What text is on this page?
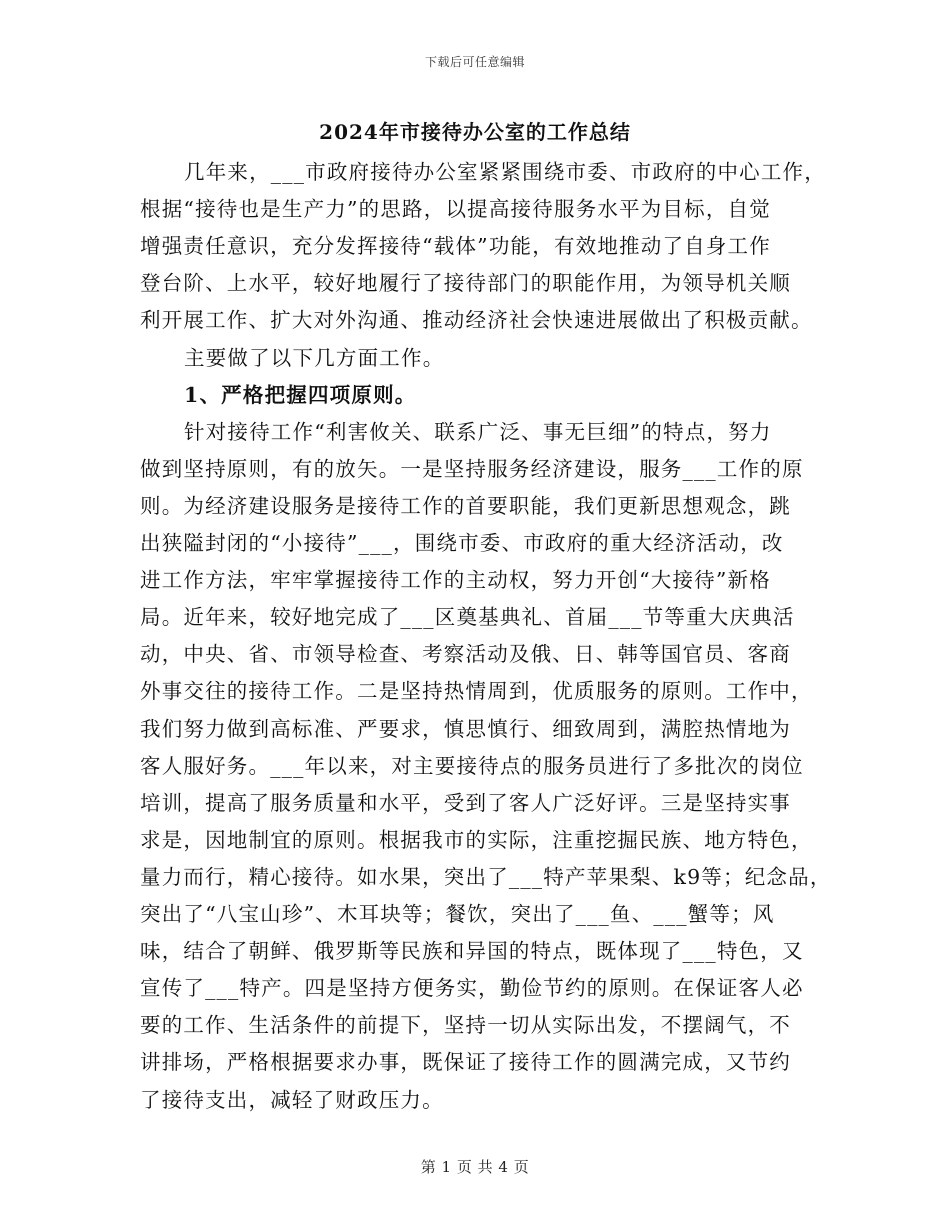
下载后可任意编辑
2024年市接待办公室的工作总结
几年来，___市政府接待办公室紧紧围绕市委、市政府的中心工作，
根据“接待也是生产力”的思路，以提高接待服务水平为目标，自觉
增强责任意识，充分发挥接待“载体”功能，有效地推动了自身工作
登台阶、上水平，较好地履行了接待部门的职能作用，为领导机关顺
利开展工作、扩大对外沟通、推动经济社会快速进展做出了积极贡献。
主要做了以下几方面工作。
1、严格把握四项原则。
针对接待工作“利害攸关、联系广泛、事无巨细”的特点，努力
做到坚持原则，有的放矢。一是坚持服务经济建设，服务___工作的原
则。为经济建设服务是接待工作的首要职能，我们更新思想观念，跳
出狭隘封闭的“小接待”___，围绕市委、市政府的重大经济活动，改
进工作方法，牢牢掌握接待工作的主动权，努力开创“大接待”新格
局。近年来，较好地完成了___区奠基典礼、首届___节等重大庆典活
动，中央、省、市领导检查、考察活动及俄、日、韩等国官员、客商
外事交往的接待工作。二是坚持热情周到，优质服务的原则。工作中，
我们努力做到高标准、严要求，慎思慎行、细致周到，满腔热情地为
客人服好务。___年以来，对主要接待点的服务员进行了多批次的岗位
培训，提高了服务质量和水平，受到了客人广泛好评。三是坚持实事
求是，因地制宜的原则。根据我市的实际，注重挖掘民族、地方特色，
量力而行，精心接待。如水果，突出了___特产苹果梨、k9等；纪念品，
突出了“八宝山珍”、木耳块等；餐饮，突出了___鱼、___蟹等；风
味，结合了朝鲜、俄罗斯等民族和异国的特点，既体现了___特色，又
宣传了___特产。四是坚持方便务实，勤俭节约的原则。在保证客人必
要的工作、生活条件的前提下，坚持一切从实际出发，不摆阔气，不
讲排场，严格根据要求办事，既保证了接待工作的圆满完成，又节约
了接待支出，减轻了财政压力。
第 1 页 共 4 页
